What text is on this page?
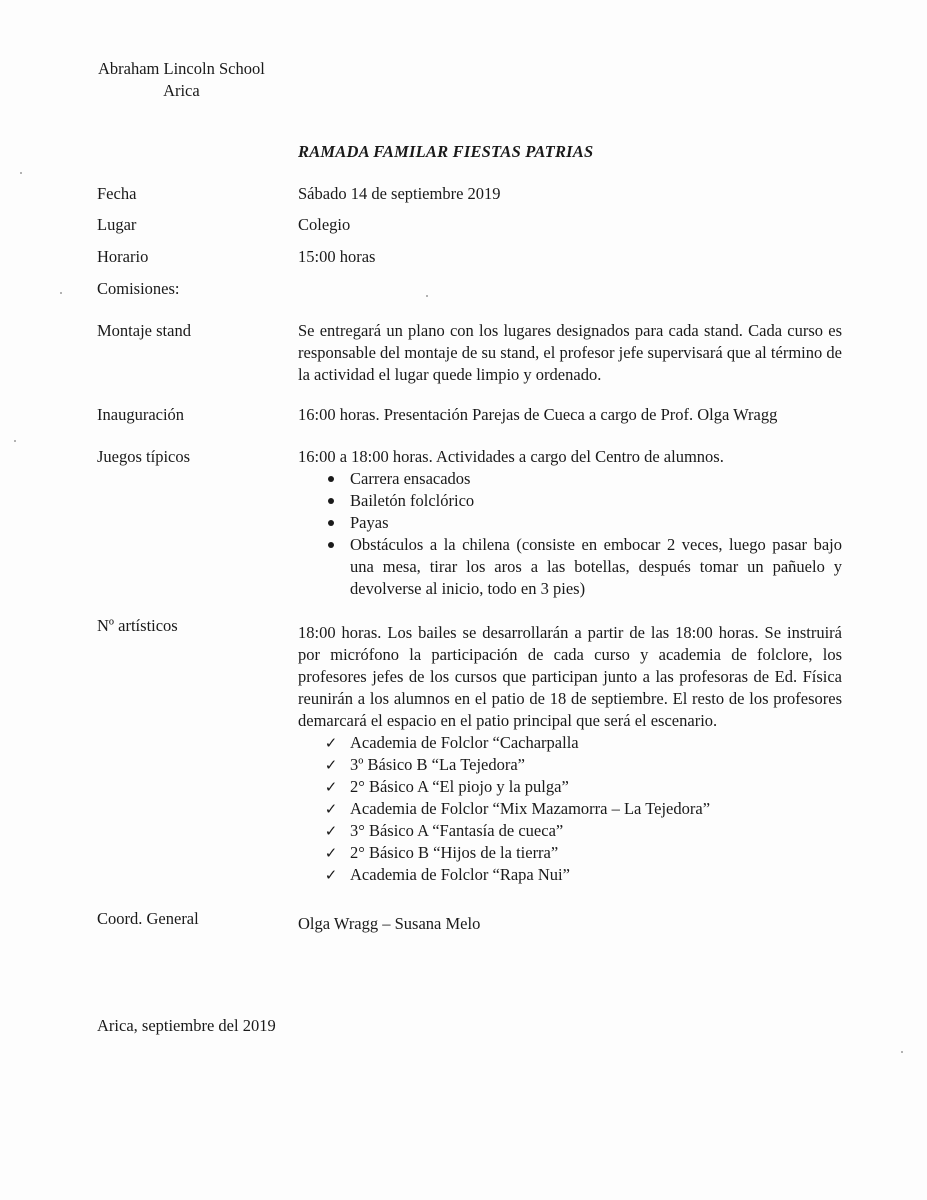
Abraham Lincoln School
Arica
RAMADA FAMILAR FIESTAS PATRIAS
Fecha	Sábado 14 de septiembre 2019
Lugar	Colegio
Horario	15:00 horas
Comisiones:
Montaje stand	Se entregará un plano con los lugares designados para cada stand. Cada curso es responsable del montaje de su stand, el profesor jefe supervisará que al término de la actividad el lugar quede limpio y ordenado.
Inauguración	16:00 horas. Presentación Parejas de Cueca a cargo de Prof. Olga Wragg
Juegos típicos	16:00 a 18:00 horas. Actividades a cargo del Centro de alumnos.
Carrera ensacados
Bailetón folclórico
Payas
Obstáculos a la chilena (consiste en embocar 2 veces, luego pasar bajo una mesa, tirar los aros a las botellas, después tomar un pañuelo y devolverse al inicio, todo en 3 pies)
Nº artísticos	18:00 horas. Los bailes se desarrollarán a partir de las 18:00 horas. Se instruirá por micrófono la participación de cada curso y academia de folclore, los profesores jefes de los cursos que participan junto a las profesoras de Ed. Física reunirán a los alumnos en el patio de 18 de septiembre. El resto de los profesores demarcará el espacio en el patio principal que será el escenario.
✓ Academia de Folclor “Cacharpalla
✓ 3º Básico B “La Tejedora”
✓ 2° Básico A “El piojo y la pulga”
✓ Academia de Folclor “Mix Mazamorra – La Tejedora”
✓ 3° Básico A “Fantasía de cueca”
✓ 2° Básico B “Hijos de la tierra”
✓ Academia de Folclor “Rapa Nui”
Coord. General	Olga Wragg – Susana Melo
Arica, septiembre del 2019
